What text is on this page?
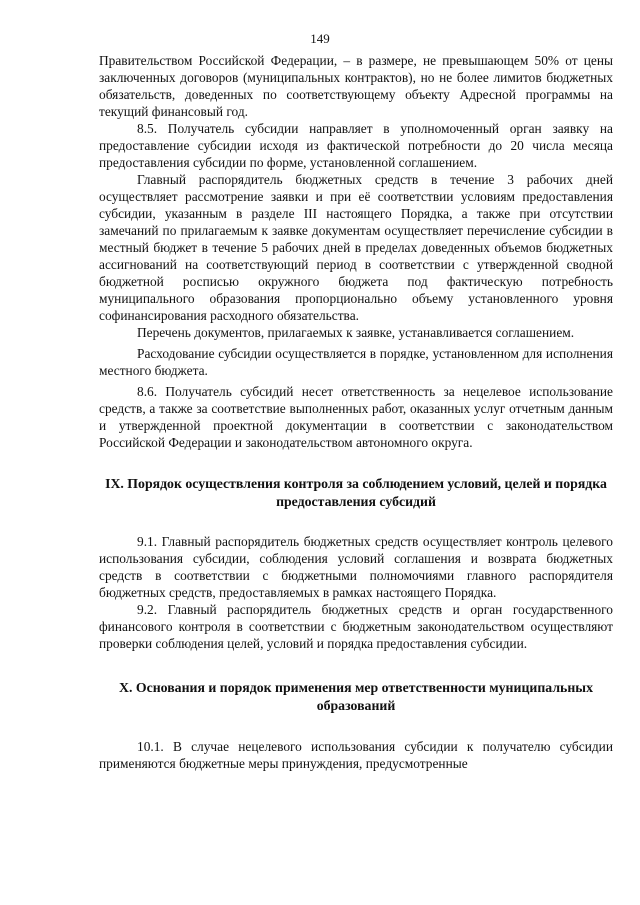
149

Правительством Российской Федерации, – в размере, не превышающем 50% от цены заключенных договоров (муниципальных контрактов), но не более лимитов бюджетных обязательств, доведенных по соответствующему объекту Адресной программы на текущий финансовый год.

8.5. Получатель субсидии направляет в уполномоченный орган заявку на предоставление субсидии исходя из фактической потребности до 20 числа месяца предоставления субсидии по форме, установленной соглашением.

Главный распорядитель бюджетных средств в течение 3 рабочих дней осуществляет рассмотрение заявки и при её соответствии условиям предоставления субсидии, указанным в разделе III настоящего Порядка, а также при отсутствии замечаний по прилагаемым к заявке документам осуществляет перечисление субсидии в местный бюджет в течение 5 рабочих дней в пределах доведенных объемов бюджетных ассигнований на соответствующий период в соответствии с утвержденной сводной бюджетной росписью окружного бюджета под фактическую потребность муниципального образования пропорционально объему установленного уровня софинансирования расходного обязательства.

Перечень документов, прилагаемых к заявке, устанавливается соглашением.

Расходование субсидии осуществляется в порядке, установленном для исполнения местного бюджета.

8.6. Получатель субсидий несет ответственность за нецелевое использование средств, а также за соответствие выполненных работ, оказанных услуг отчетным данным и утвержденной проектной документации в соответствии с законодательством Российской Федерации и законодательством автономного округа.

IX. Порядок осуществления контроля за соблюдением условий, целей и порядка предоставления субсидий

9.1. Главный распорядитель бюджетных средств осуществляет контроль целевого использования субсидии, соблюдения условий соглашения и возврата бюджетных средств в соответствии с бюджетными полномочиями главного распорядителя бюджетных средств, предоставляемых в рамках настоящего Порядка.

9.2. Главный распорядитель бюджетных средств и орган государственного финансового контроля в соответствии с бюджетным законодательством осуществляют проверки соблюдения целей, условий и порядка предоставления субсидии.

X. Основания и порядок применения мер ответственности муниципальных образований

10.1. В случае нецелевого использования субсидии к получателю субсидии применяются бюджетные меры принуждения, предусмотренные
